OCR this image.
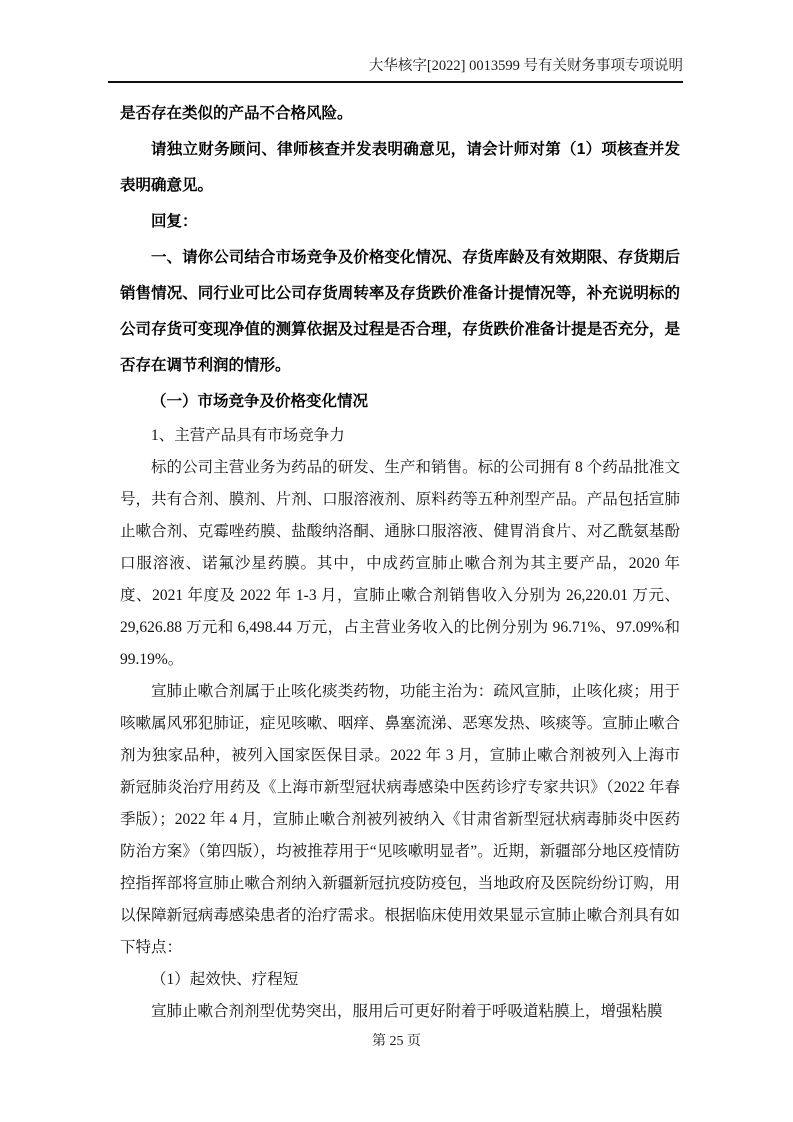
大华核字[2022] 0013599 号有关财务事项专项说明

是否存在类似的产品不合格风险。

请独立财务顾问、律师核查并发表明确意见，请会计师对第（1）项核查并发表明确意见。

回复：

一、请你公司结合市场竞争及价格变化情况、存货库龄及有效期限、存货期后销售情况、同行业可比公司存货周转率及存货跌价准备计提情况等，补充说明标的公司存货可变现净值的测算依据及过程是否合理，存货跌价准备计提是否充分，是否存在调节利润的情形。

（一）市场竞争及价格变化情况

1、主营产品具有市场竞争力

标的公司主营业务为药品的研发、生产和销售。标的公司拥有 8 个药品批准文号，共有合剂、膜剂、片剂、口服溶液剂、原料药等五种剂型产品。产品包括宣肺止嗽合剂、克霉唑药膜、盐酸纳洛酮、通脉口服溶液、健胃消食片、对乙酰氨基酚口服溶液、诺氟沙星药膜。其中，中成药宣肺止嗽合剂为其主要产品，2020 年度、2021 年度及 2022 年 1-3 月，宣肺止嗽合剂销售收入分别为 26,220.01 万元、29,626.88 万元和 6,498.44 万元，占主营业务收入的比例分别为 96.71%、97.09%和 99.19%。

宣肺止嗽合剂属于止咳化痰类药物，功能主治为：疏风宣肺，止咳化痰；用于咳嗽属风邪犯肺证，症见咳嗽、咽痒、鼻塞流涕、恶寒发热、咳痰等。宣肺止嗽合剂为独家品种，被列入国家医保目录。2022 年 3 月，宣肺止嗽合剂被列入上海市新冠肺炎治疗用药及《上海市新型冠状病毒感染中医药诊疗专家共识》（2022 年春季版）；2022 年 4 月，宣肺止嗽合剂被列被纳入《甘肃省新型冠状病毒肺炎中医药防治方案》（第四版），均被推荐用于“见咳嗽明显者”。近期，新疆部分地区疫情防控指挥部将宣肺止嗽合剂纳入新疆新冠抗疫防疫包，当地政府及医院纷纷订购，用以保障新冠病毒感染患者的治疗需求。根据临床使用效果显示宣肺止嗽合剂具有如下特点：

（1）起效快、疗程短

宣肺止嗽合剂剂型优势突出，服用后可更好附着于呼吸道粘膜上，增强粘膜

第 25 页
